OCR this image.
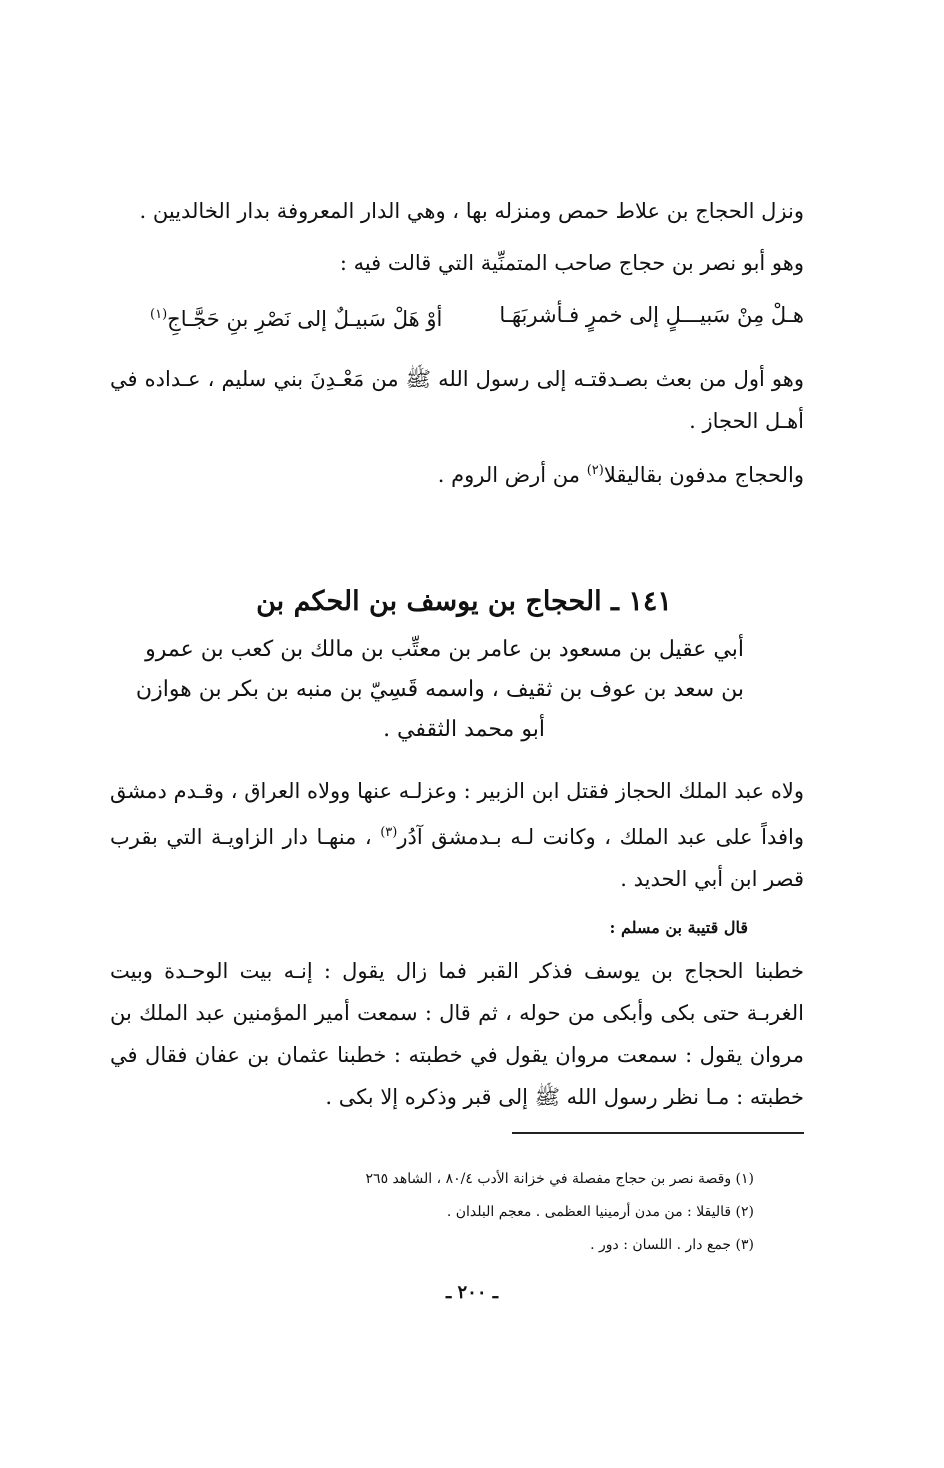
ونزل الحجاج بن علاط حمص ومنزله بها ، وهي الدار المعروفة بدار الخالديين .
وهو أبو نصر بن حجاج صاحب المتمنِّية التي قالت فيه :
هـلْ مِنْ سَبيـــلٍ إلى خمرٍ فـأشربَهَـا
أوْ هَلْ سَبيـلٌ إلى نَصْرِ بنِ حَجَّـاجِ$^{(١)}$
وهو أول من بعث بصـدقتـه إلى رسول الله ﷺ من مَعْـدِنَ بني سليم ، عـداده في أهـل الحجاز .
والحجاج مدفون بقاليقلا$^{(٢)}$ من أرض الروم .
١٤١ ـ الحجاج بن يوسف بن الحكم بن
أبي عقيل بن مسعود بن عامر بن معتِّب بن مالك بن كعب بن عمرو
بن سعد بن عوف بن ثقيف ، واسمه قَسِيّ بن منبه بن بكر بن هوازن
أبو محمد الثقفي .
ولاه عبد الملك الحجاز فقتل ابن الزبير : وعزلـه عنها وولاه العراق ، وقـدم دمشق وافداً على عبد الملك ، وكانت لـه بـدمشق آدُر$^{(٣)}$ ، منهـا دار الزاويـة التي بقرب قصر ابن أبي الحديد .
قال قتيبة بن مسلم :
خطبنا الحجاج بن يوسف فذكر القبر فما زال يقول : إنـه بيت الوحـدة وبيت الغربـة حتى بكى وأبكى من حوله ، ثم قال : سمعت أمير المؤمنين عبد الملك بن مروان يقول : سمعت مروان يقول في خطبته : خطبنا عثمان بن عفان فقال في خطبته : مـا نظر رسول الله ﷺ إلى قبر وذكره إلا بكى .
(١) وقصة نصر بن حجاج مفصلة في خزانة الأدب ٨٠/٤ ، الشاهد ٢٦٥
(٢) قاليقلا : من مدن أرمينيا العظمى . معجم البلدان .
(٣) جمع دار . اللسان : دور .
ـ ٢٠٠ ـ
